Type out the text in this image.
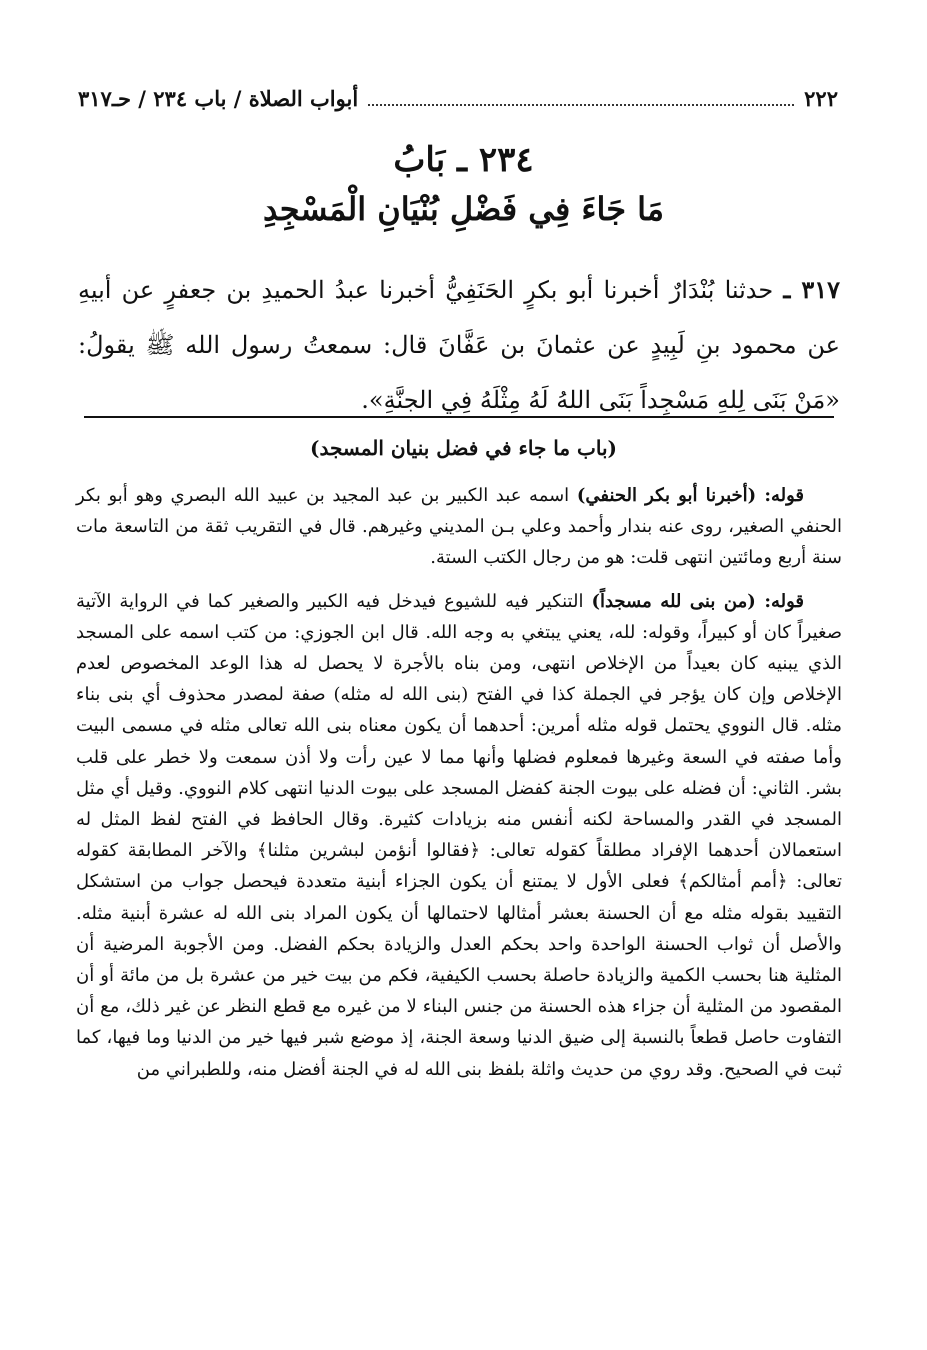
٢٢٢
أبواب الصلاة / باب ٢٣٤ / حـ٣١٧
٢٣٤ ـ بَابُ
مَا جَاءَ فِي فَضْلِ بُنْيَانِ الْمَسْجِدِ
٣١٧ ـ حدثنا بُنْدَارٌ أخبرنا أبو بكرٍ الحَنَفِيُّ أخبرنا عبدُ الحميدِ بن جعفرٍ عن أبيهِ عن محمود بنِ لَبِيدٍ عن عثمانَ بن عَفَّانَ قال: سمعتُ رسول الله ﷺ يقولُ: «مَنْ بَنَى لِلهِ مَسْجِداً بَنَى اللهُ لَهُ مِثْلَهُ فِي الجنَّةِ».
(باب ما جاء في فضل بنيان المسجد)

قوله: (أخبرنا أبو بكر الحنفي) اسمه عبد الكبير بن عبد المجيد بن عبيد الله البصري وهو أبو بكر الحنفي الصغير، روى عنه بندار وأحمد وعلي بـن المديني وغيرهم. قال في التقريب ثقة من التاسعة مات سنة أربع ومائتين انتهى قلت: هو من رجال الكتب الستة.

قوله: (من بنى لله مسجداً) التنكير فيه للشيوع فيدخل فيه الكبير والصغير كما في الرواية الآتية صغيراً كان أو كبيراً، وقوله: لله، يعني يبتغي به وجه الله. قال ابن الجوزي: من كتب اسمه على المسجد الذي يبنيه كان بعيداً من الإخلاص انتهى، ومن بناه بالأجرة لا يحصل له هذا الوعد المخصوص لعدم الإخلاص وإن كان يؤجر في الجملة كذا في الفتح (بنى الله له مثله) صفة لمصدر محذوف أي بنى بناء مثله. قال النووي يحتمل قوله مثله أمرين: أحدهما أن يكون معناه بنى الله تعالى مثله في مسمى البيت وأما صفته في السعة وغيرها فمعلوم فضلها وأنها مما لا عين رأت ولا أذن سمعت ولا خطر على قلب بشر. الثاني: أن فضله على بيوت الجنة كفضل المسجد على بيوت الدنيا انتهى كلام النووي. وقيل أي مثل المسجد في القدر والمساحة لكنه أنفس منه بزيادات كثيرة. وقال الحافظ في الفتح لفظ المثل له استعمالان أحدهما الإفراد مطلقاً كقوله تعالى: ﴿فقالوا أنؤمن لبشرين مثلنا﴾ والآخر المطابقة كقوله تعالى: ﴿أمم أمثالكم﴾ فعلى الأول لا يمتنع أن يكون الجزاء أبنية متعددة فيحصل جواب من استشكل التقييد بقوله مثله مع أن الحسنة بعشر أمثالها لاحتمالها أن يكون المراد بنى الله له عشرة أبنية مثله. والأصل أن ثواب الحسنة الواحدة واحد بحكم العدل والزيادة بحكم الفضل. ومن الأجوبة المرضية أن المثلية هنا بحسب الكمية والزيادة حاصلة بحسب الكيفية، فكم من بيت خير من عشرة بل من مائة أو أن المقصود من المثلية أن جزاء هذه الحسنة من جنس البناء لا من غيره مع قطع النظر عن غير ذلك، مع أن التفاوت حاصل قطعاً بالنسبة إلى ضيق الدنيا وسعة الجنة، إذ موضع شبر فيها خير من الدنيا وما فيها، كما ثبت في الصحيح. وقد روي من حديث واثلة بلفظ بنى الله له في الجنة أفضل منه، وللطبراني من
